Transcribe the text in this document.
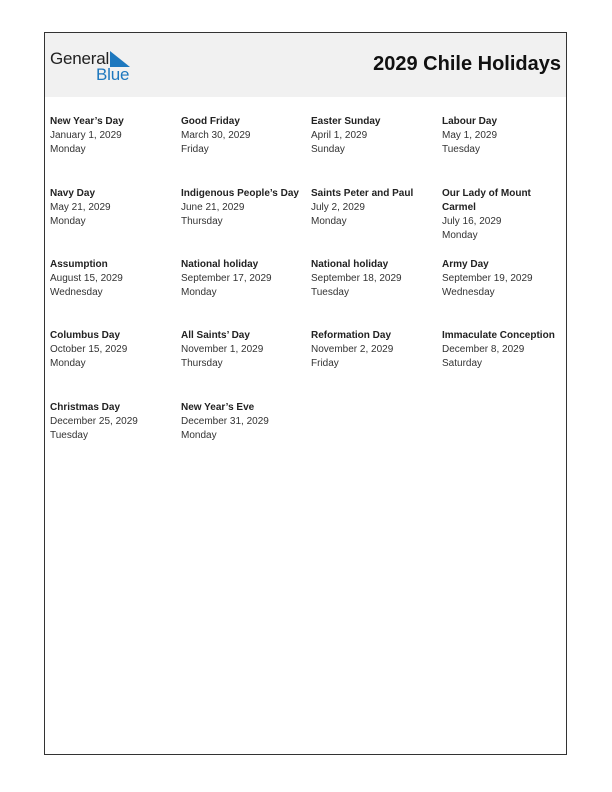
General
Blue	2029 Chile Holidays
New Year’s Day
January 1, 2029
Monday
Good Friday
March 30, 2029
Friday
Easter Sunday
April 1, 2029
Sunday
Labour Day
May 1, 2029
Tuesday
Navy Day
May 21, 2029
Monday
Indigenous People’s Day
June 21, 2029
Thursday
Saints Peter and Paul
July 2, 2029
Monday
Our Lady of Mount Carmel
July 16, 2029
Monday
Assumption
August 15, 2029
Wednesday
National holiday
September 17, 2029
Monday
National holiday
September 18, 2029
Tuesday
Army Day
September 19, 2029
Wednesday
Columbus Day
October 15, 2029
Monday
All Saints’ Day
November 1, 2029
Thursday
Reformation Day
November 2, 2029
Friday
Immaculate Conception
December 8, 2029
Saturday
Christmas Day
December 25, 2029
Tuesday
New Year’s Eve
December 31, 2029
Monday
